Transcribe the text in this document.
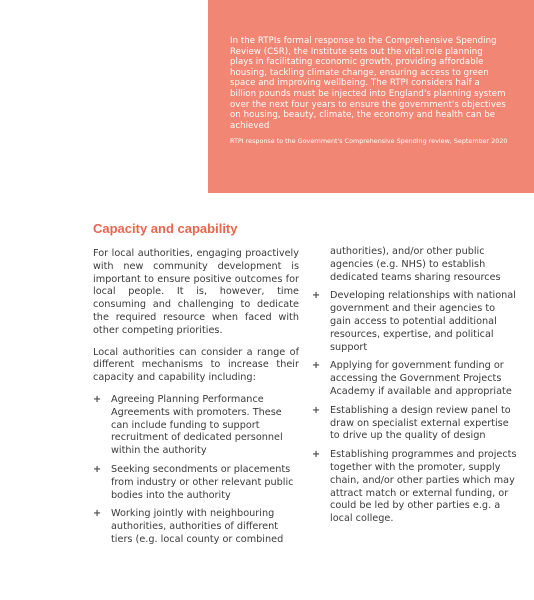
In the RTPIs formal response to the Comprehensive Spending Review (CSR), the Institute sets out the vital role planning plays in facilitating economic growth, providing affordable housing, tackling climate change, ensuring access to green space and improving wellbeing. The RTPI considers half a billion pounds must be injected into England's planning system over the next four years to ensure the government's objectives on housing, beauty, climate, the economy and health can be achieved

RTPI response to the Government's Comprehensive Spending review, September 2020

Capacity and capability

For local authorities, engaging proactively with new community development is important to ensure positive outcomes for local people. It is, however, time consuming and challenging to dedicate the required resource when faced with other competing priorities.

Local authorities can consider a range of different mechanisms to increase their capacity and capability including:

+ Agreeing Planning Performance Agreements with promoters. These can include funding to support recruitment of dedicated personnel within the authority
+ Seeking secondments or placements from industry or other relevant public bodies into the authority
+ Working jointly with neighbouring authorities, authorities of different tiers (e.g. local county or combined
authorities), and/or other public agencies (e.g. NHS) to establish dedicated teams sharing resources
+ Developing relationships with national government and their agencies to gain access to potential additional resources, expertise, and political support
+ Applying for government funding or accessing the Government Projects Academy if available and appropriate
+ Establishing a design review panel to draw on specialist external expertise to drive up the quality of design
+ Establishing programmes and projects together with the promoter, supply chain, and/or other parties which may attract match or external funding, or could be led by other parties e.g. a local college.
